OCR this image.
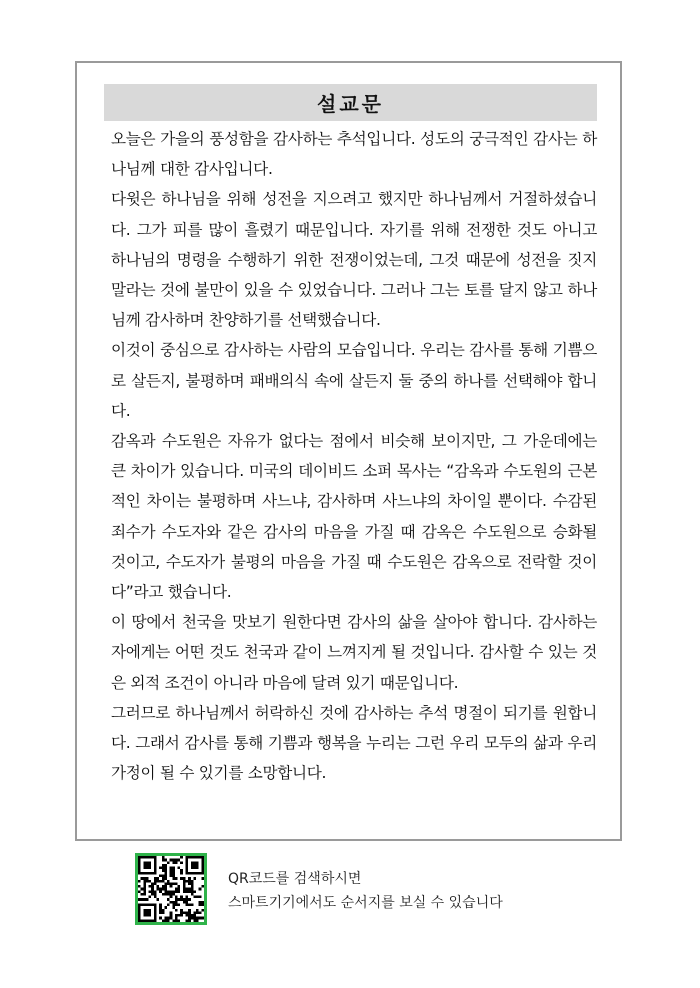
설교문

오늘은 가을의 풍성함을 감사하는 추석입니다. 성도의 궁극적인 감사는 하나님께 대한 감사입니다.

다윗은 하나님을 위해 성전을 지으려고 했지만 하나님께서 거절하셨습니다. 그가 피를 많이 흘렸기 때문입니다. 자기를 위해 전쟁한 것도 아니고 하나님의 명령을 수행하기 위한 전쟁이었는데, 그것 때문에 성전을 짓지 말라는 것에 불만이 있을 수 있었습니다. 그러나 그는 토를 달지 않고 하나님께 감사하며 찬양하기를 선택했습니다.

이것이 중심으로 감사하는 사람의 모습입니다. 우리는 감사를 통해 기쁨으로 살든지, 불평하며 패배의식 속에 살든지 둘 중의 하나를 선택해야 합니다.

감옥과 수도원은 자유가 없다는 점에서 비슷해 보이지만, 그 가운데에는 큰 차이가 있습니다. 미국의 데이비드 소퍼 목사는 “감옥과 수도원의 근본적인 차이는 불평하며 사느냐, 감사하며 사느냐의 차이일 뿐이다. 수감된 죄수가 수도자와 같은 감사의 마음을 가질 때 감옥은 수도원으로 승화될 것이고, 수도자가 불평의 마음을 가질 때 수도원은 감옥으로 전락할 것이다”라고 했습니다.

이 땅에서 천국을 맛보기 원한다면 감사의 삶을 살아야 합니다. 감사하는 자에게는 어떤 것도 천국과 같이 느껴지게 될 것입니다. 감사할 수 있는 것은 외적 조건이 아니라 마음에 달려 있기 때문입니다.

그러므로 하나님께서 허락하신 것에 감사하는 추석 명절이 되기를 원합니다. 그래서 감사를 통해 기쁨과 행복을 누리는 그런 우리 모두의 삶과 우리 가정이 될 수 있기를 소망합니다.

QR코드를 검색하시면
스마트기기에서도 순서지를 보실 수 있습니다
